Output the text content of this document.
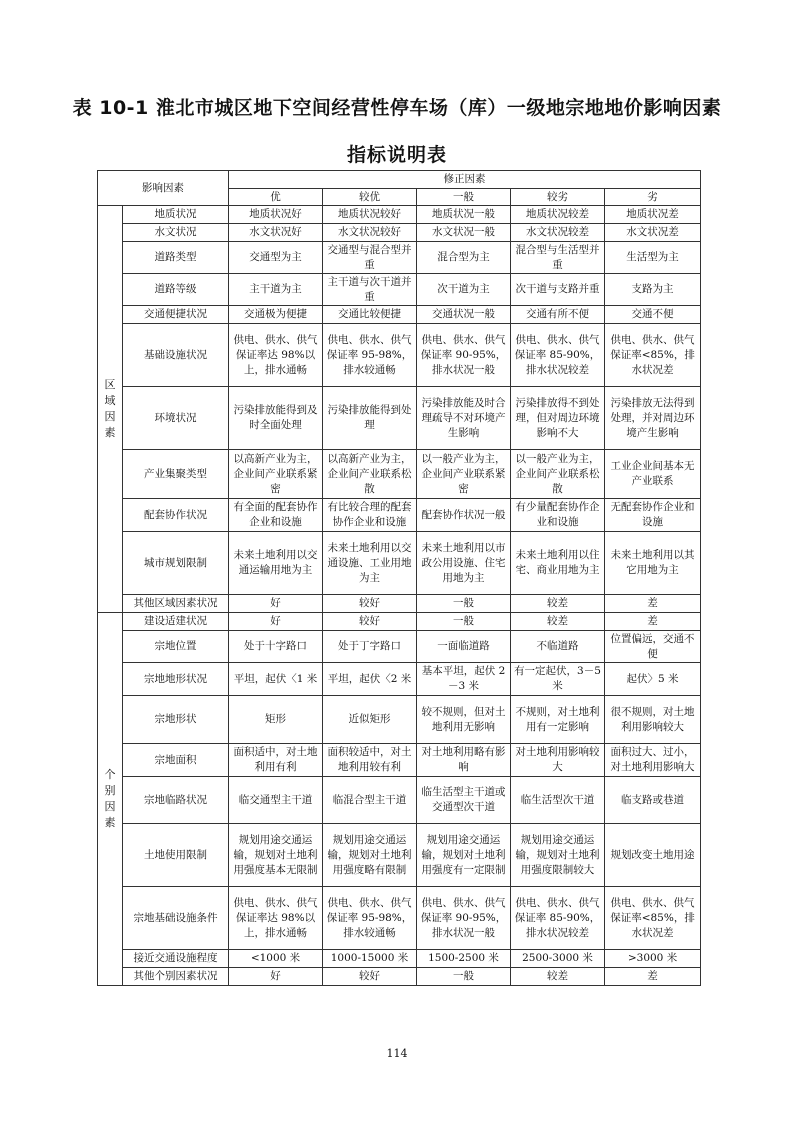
表 10-1 淮北市城区地下空间经营性停车场（库）一级地宗地地价影响因素
指标说明表
影响因素		修正因素				
		优	较优	一般	较劣	劣

区域因素	地质状况	地质状况好	地质状况较好	地质状况一般	地质状况较差	地质状况差
	水文状况	水文状况好	水文状况较好	水文状况一般	水文状况较差	水文状况差
	道路类型	交通型为主	交通型与混合型并重	混合型为主	混合型与生活型并重	生活型为主
	道路等级	主干道为主	主干道与次干道并重	次干道为主	次干道与支路并重	支路为主
	交通便捷状况	交通极为便捷	交通比较便捷	交通状况一般	交通有所不便	交通不便
	基础设施状况	供电、供水、供气保证率达 98%以上，排水通畅	供电、供水、供气保证率 95-98%，排水较通畅	供电、供水、供气保证率 90-95%，排水状况一般	供电、供水、供气保证率 85-90%，排水状况较差	供电、供水、供气保证率<85%，排水状况差
	环境状况	污染排放能得到及时全面处理	污染排放能得到处理	污染排放能及时合理疏导不对环境产生影响	污染排放得不到处理，但对周边环境影响不大	污染排放无法得到处理，并对周边环境产生影响
	产业集聚类型	以高新产业为主，企业间产业联系紧密	以高新产业为主，企业间产业联系松散	以一般产业为主，企业间产业联系紧密	以一般产业为主，企业间产业联系松散	工业企业间基本无产业联系
	配套协作状况	有全面的配套协作企业和设施	有比较合理的配套协作企业和设施	配套协作状况一般	有少量配套协作企业和设施	无配套协作企业和设施
	城市规划限制	未来土地利用以交通运输用地为主	未来土地利用以交通设施、工业用地为主	未来土地利用以市政公用设施、住宅用地为主	未来土地利用以住宅、商业用地为主	未来土地利用以其它用地为主
	其他区域因素状况	好	较好	一般	较差	差

个别因素	建设适建状况	好	较好	一般	较差	差
	宗地位置	处于十字路口	处于丁字路口	一面临道路	不临道路	位置偏远，交通不便
	宗地地形状况	平坦，起伏〈1 米	平坦，起伏〈2 米	基本平坦，起伏 2－3 米	有一定起伏，3－5 米	起伏〉5 米
	宗地形状	矩形	近似矩形	较不规则，但对土地利用无影响	不规则，对土地利用有一定影响	很不规则，对土地利用影响较大
	宗地面积	面积适中，对土地利用有利	面积较适中，对土地利用较有利	对土地利用略有影响	对土地利用影响较大	面积过大、过小，对土地利用影响大
	宗地临路状况	临交通型主干道	临混合型主干道	临生活型主干道或交通型次干道	临生活型次干道	临支路或巷道
	土地使用限制	规划用途交通运输，规划对土地利用强度基本无限制	规划用途交通运输，规划对土地利用强度略有限制	规划用途交通运输，规划对土地利用强度有一定限制	规划用途交通运输，规划对土地利用强度限制较大	规划改变土地用途
	宗地基础设施条件	供电、供水、供气保证率达 98%以上，排水通畅	供电、供水、供气保证率 95-98%，排水较通畅	供电、供水、供气保证率 90-95%，排水状况一般	供电、供水、供气保证率 85-90%，排水状况较差	供电、供水、供气保证率<85%，排水状况差
	接近交通设施程度	<1000 米	1000-15000 米	1500-2500 米	2500-3000 米	>3000 米
	其他个别因素状况	好	较好	一般	较差	差
114
